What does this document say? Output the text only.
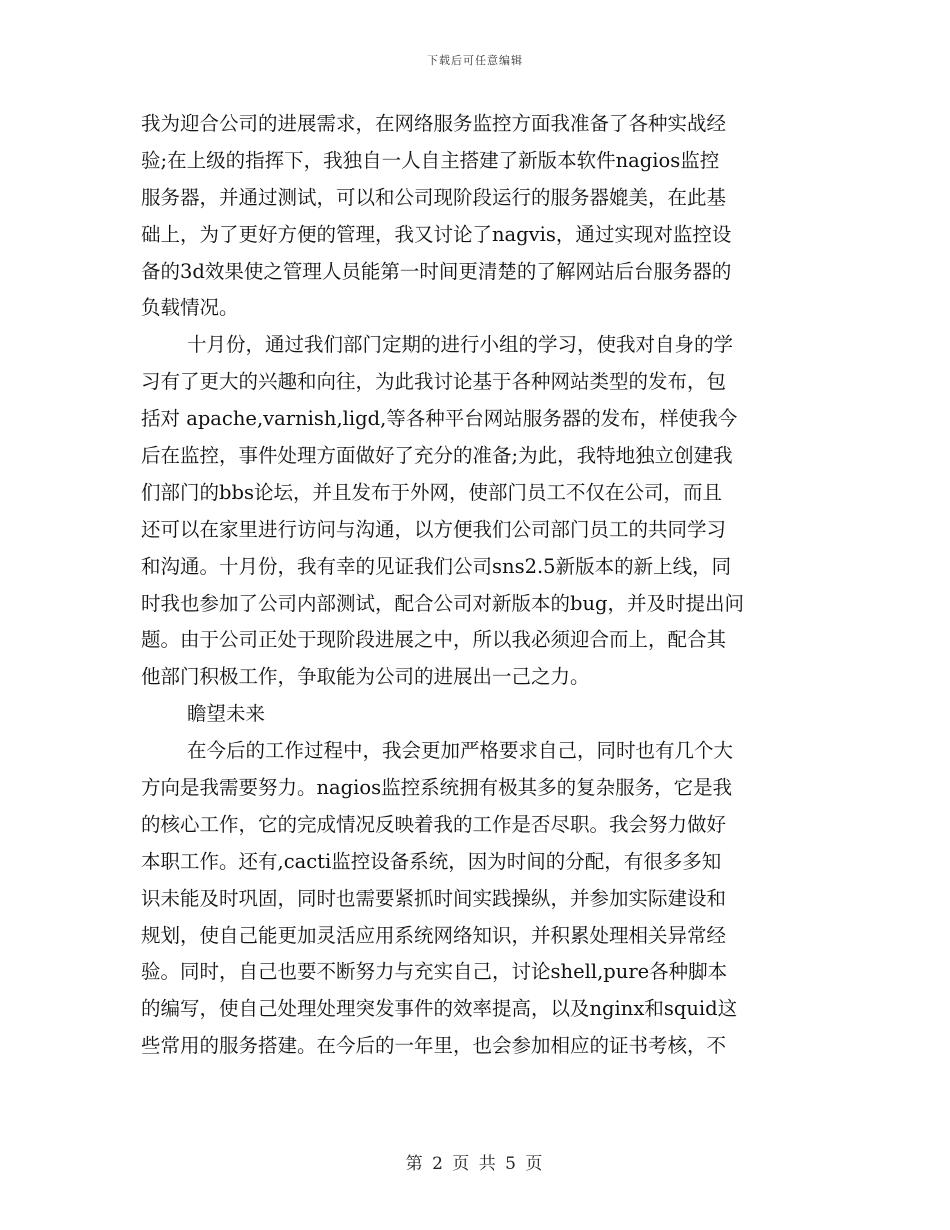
下载后可任意编辑
我为迎合公司的进展需求，在网络服务监控方面我准备了各种实战经
验;在上级的指挥下，我独自一人自主搭建了新版本软件nagios监控
服务器，并通过测试，可以和公司现阶段运行的服务器媲美，在此基
础上，为了更好方便的管理，我又讨论了nagvis，通过实现对监控设
备的3d效果使之管理人员能第一时间更清楚的了解网站后台服务器的
负载情况。
十月份，通过我们部门定期的进行小组的学习，使我对自身的学
习有了更大的兴趣和向往，为此我讨论基于各种网站类型的发布，包
括对 apache,varnish,ligd,等各种平台网站服务器的发布，样使我今
后在监控，事件处理方面做好了充分的准备;为此，我特地独立创建我
们部门的bbs论坛，并且发布于外网，使部门员工不仅在公司，而且
还可以在家里进行访问与沟通，以方便我们公司部门员工的共同学习
和沟通。十月份，我有幸的见证我们公司sns2.5新版本的新上线，同
时我也参加了公司内部测试，配合公司对新版本的bug，并及时提出问
题。由于公司正处于现阶段进展之中，所以我必须迎合而上，配合其
他部门积极工作，争取能为公司的进展出一己之力。
瞻望未来
在今后的工作过程中，我会更加严格要求自己，同时也有几个大
方向是我需要努力。nagios监控系统拥有极其多的复杂服务，它是我
的核心工作，它的完成情况反映着我的工作是否尽职。我会努力做好
本职工作。还有,cacti监控设备系统，因为时间的分配，有很多多知
识未能及时巩固，同时也需要紧抓时间实践操纵，并参加实际建设和
规划，使自己能更加灵活应用系统网络知识，并积累处理相关异常经
验。同时，自己也要不断努力与充实自己，讨论shell,pure各种脚本
的编写，使自己处理处理突发事件的效率提高，以及nginx和squid这
些常用的服务搭建。在今后的一年里，也会参加相应的证书考核，不
第 2 页 共 5 页
